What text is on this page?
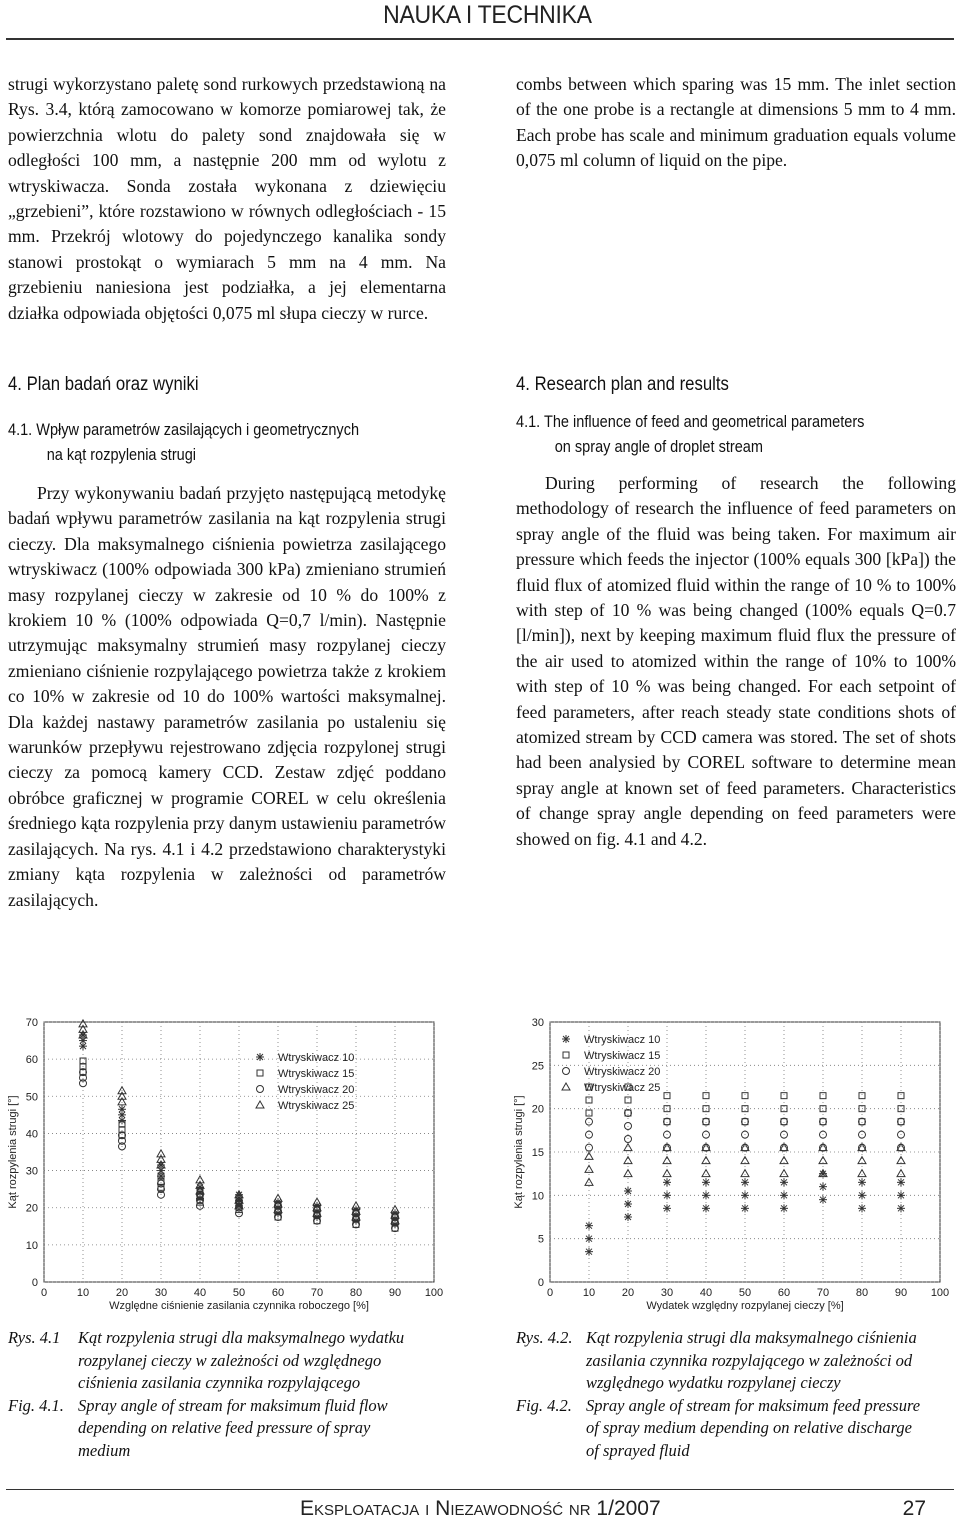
NAUKA I TECHNIKA
strugi wykorzystano paletę sond rurkowych przedstawioną na Rys. 3.4, którą zamocowano w komorze pomiarowej tak, że powierzchnia wlotu do palety sond znajdowała się w odległości 100 mm, a następnie 200 mm od wylotu z wtryskiwacza. Sonda została wykonana z dziewięciu „grzebieni”, które rozstawiono w równych odległościach - 15 mm. Przekrój wlotowy do pojedynczego kanalika sondy stanowi prostokąt o wymiarach 5 mm na 4 mm. Na grzebieniu naniesiona jest podziałka, a jej elementarna działka odpowiada objętości 0,075 ml słupa cieczy w rurce.
4. Plan badań oraz wyniki
4.1. Wpływ parametrów zasilających i geometrycznych
na kąt rozpylenia strugi
Przy wykonywaniu badań przyjęto następującą metodykę badań wpływu parametrów zasilania na kąt rozpylenia strugi cieczy. Dla maksymalnego ciśnienia powietrza zasilającego wtryskiwacz (100% odpowiada 300 kPa) zmieniano strumień masy rozpylanej cieczy w zakresie od 10 % do 100% z krokiem 10 % (100% odpowiada Q=0,7 l/min). Następnie utrzymując maksymalny strumień masy rozpylanej cieczy zmieniano ciśnienie rozpylającego powietrza także z krokiem co 10% w zakresie od 10 do 100% wartości maksymalnej. Dla każdej nastawy parametrów zasilania po ustaleniu się warunków przepływu rejestrowano zdjęcia rozpylonej strugi cieczy za pomocą kamery CCD. Zestaw zdjęć poddano obróbce graficznej w programie COREL w celu określenia średniego kąta rozpylenia przy danym ustawieniu parametrów zasilających. Na rys. 4.1 i 4.2 przedstawiono charakterystyki zmiany kąta rozpylenia w zależności od parametrów zasilających.
combs between which sparing was 15 mm. The inlet section of the one probe is a rectangle at dimensions 5 mm to 4 mm. Each probe has scale and minimum graduation equals volume 0,075 ml column of liquid on the pipe.
4. Research plan and results
4.1. The influence of feed and geometrical parameters
on spray angle of droplet stream
During performing of research the following methodology of research the influence of feed parameters on spray angle of the fluid was being taken. For maximum air pressure which feeds the injector (100% equals 300 [kPa]) the fluid flux of atomized fluid within the range of 10 % to 100% with step of 10 % was being changed (100% equals Q=0.7 [l/min]), next by keeping maximum fluid flux the pressure of the air used to atomized within the range of 10% to 100% with step of 10 % was being changed. For each setpoint of feed parameters, after reach steady state conditions shots of atomized stream by CCD camera was stored. The set of shots had been analysied by COREL software to determine mean spray angle at known set of feed parameters. Characteristics of change spray angle depending on feed parameters were showed on fig. 4.1 and 4.2.
0	10 20 30 40 50 60 70 80 90 100
0
10
20
30
40
50
60
70
Względne ciśnienie zasilania czynnika roboczego [%]
Kąt rozpylenia strugi [°]
Wtryskiwacz 10
Wtryskiwacz 15
Wtryskiwacz 20
Wtryskiwacz 25
0	10 20 30 40 50 60 70 80 90 100
0
5
10
15
20
25
30
Wydatek względny rozpylanej cieczy [%]
Kąt rozpylenia strugi [°]
Wtryskiwacz 10
Wtryskiwacz 15
Wtryskiwacz 20
Wtryskiwacz 25
Rys. 4.1 Kąt rozpylenia strugi dla maksymalnego wydatku
rozpylanej cieczy w zależności od względnego
ciśnienia zasilania czynnika rozpylającego
Fig. 4.1. Spray angle of stream for maksimum fluid flow
depending on relative feed pressure of spray
medium
Rys. 4.2. Kąt rozpylenia strugi dla maksymalnego ciśnienia
zasilania czynnika rozpylającego w zależności od
względnego wydatku rozpylanej cieczy
Fig. 4.2. Spray angle of stream for maksimum feed pressure
of spray medium depending on relative discharge
of sprayed fluid
Eksploatacja i Niezawodność nr 1/2007	27
